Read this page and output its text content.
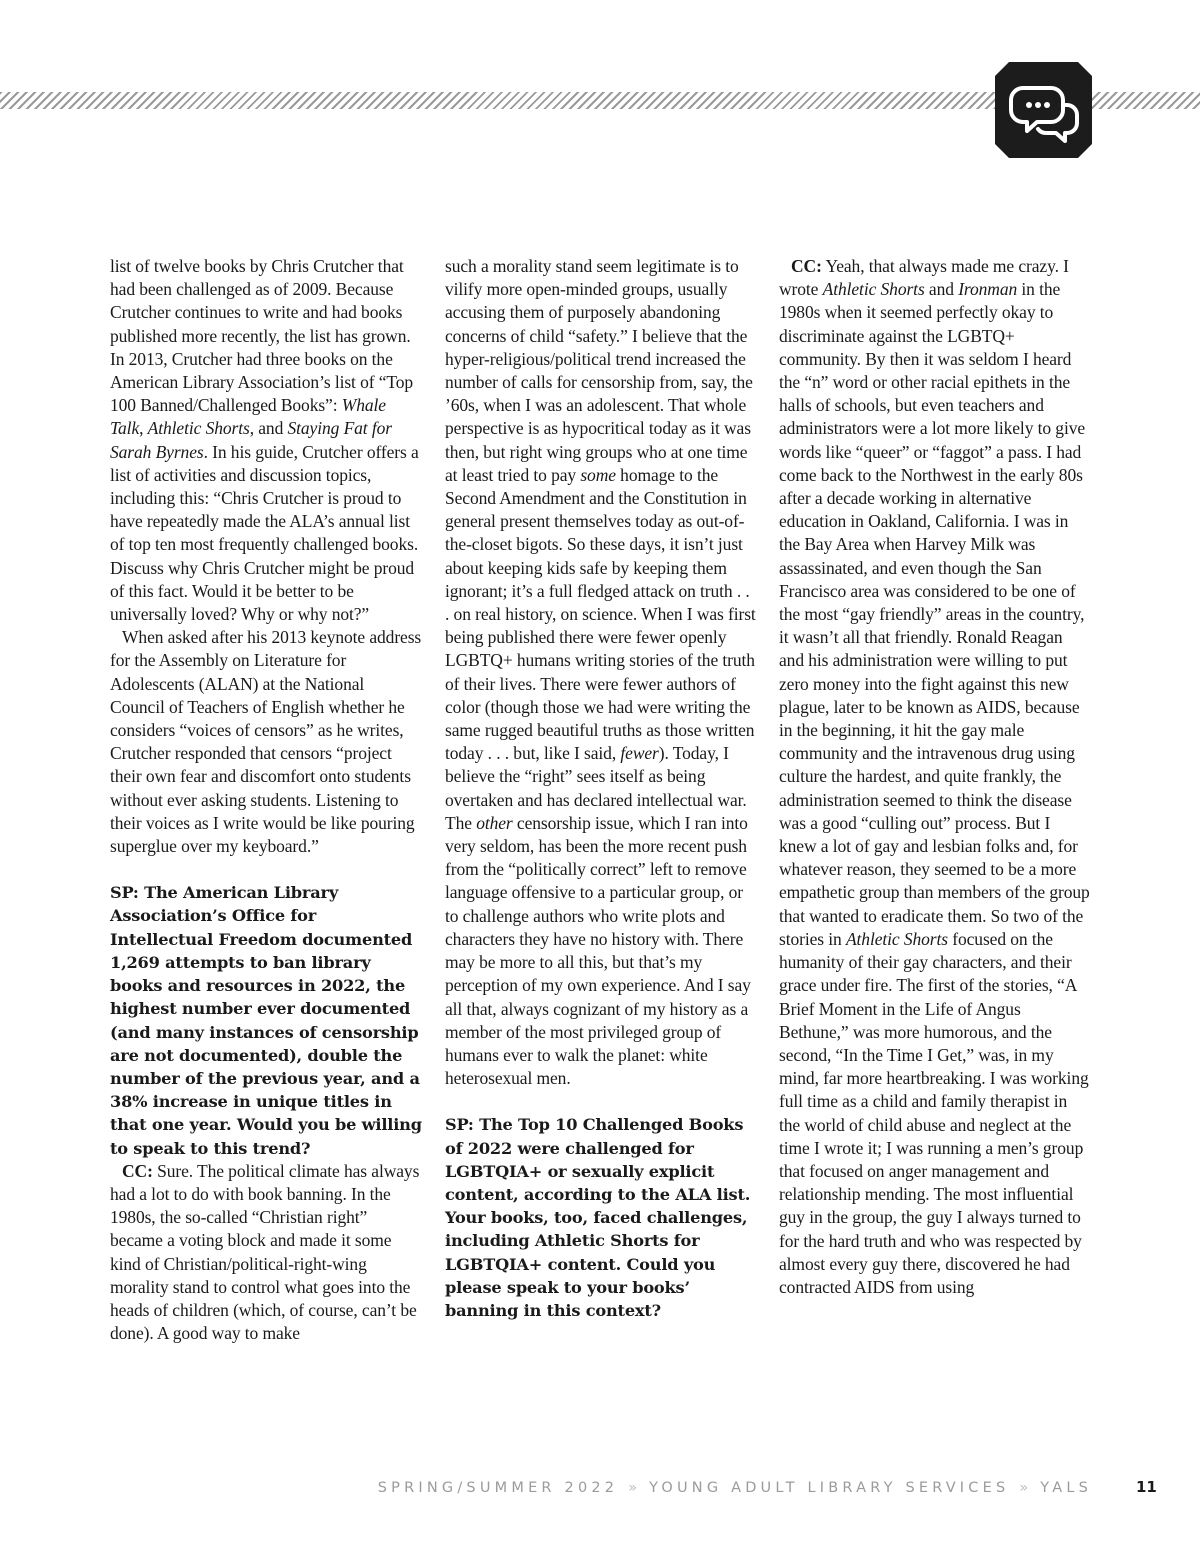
list of twelve books by Chris Crutcher that had been challenged as of 2009. Because Crutcher continues to write and had books published more recently, the list has grown. In 2013, Crutcher had three books on the American Library Association’s list of “Top 100 Banned/Challenged Books”: Whale Talk, Athletic Shorts, and Staying Fat for Sarah Byrnes. In his guide, Crutcher offers a list of activities and discussion topics, including this: “Chris Crutcher is proud to have repeatedly made the ALA’s annual list of top ten most frequently challenged books. Discuss why Chris Crutcher might be proud of this fact. Would it be better to be universally loved? Why or why not?”

When asked after his 2013 keynote address for the Assembly on Literature for Adolescents (ALAN) at the National Council of Teachers of English whether he considers “voices of censors” as he writes, Crutcher responded that censors “project their own fear and discomfort onto students without ever asking students. Listening to their voices as I write would be like pouring superglue over my keyboard.”

SP: The American Library Association’s Office for Intellectual Freedom documented 1,269 attempts to ban library books and resources in 2022, the highest number ever documented (and many instances of censorship are not documented), double the number of the previous year, and a 38% increase in unique titles in that one year. Would you be willing to speak to this trend?

CC: Sure. The political climate has always had a lot to do with book banning. In the 1980s, the so-called “Christian right” became a voting block and made it some kind of Christian/political-right-wing morality stand to control what goes into the heads of children (which, of course, can’t be done). A good way to make

such a morality stand seem legitimate is to vilify more open-minded groups, usually accusing them of purposely abandoning concerns of child “safety.” I believe that the hyper-religious/political trend increased the number of calls for censorship from, say, the ’60s, when I was an adolescent. That whole perspective is as hypocritical today as it was then, but right wing groups who at one time at least tried to pay some homage to the Second Amendment and the Constitution in general present themselves today as out-of-the-closet bigots. So these days, it isn’t just about keeping kids safe by keeping them ignorant; it’s a full fledged attack on truth . . . on real history, on science. When I was first being published there were fewer openly LGBTQ+ humans writing stories of the truth of their lives. There were fewer authors of color (though those we had were writing the same rugged beautiful truths as those written today . . . but, like I said, fewer). Today, I believe the “right” sees itself as being overtaken and has declared intellectual war. The other censorship issue, which I ran into very seldom, has been the more recent push from the “politically correct” left to remove language offensive to a particular group, or to challenge authors who write plots and characters they have no history with. There may be more to all this, but that’s my perception of my own experience. And I say all that, always cognizant of my history as a member of the most privileged group of humans ever to walk the planet: white heterosexual men.

SP: The Top 10 Challenged Books of 2022 were challenged for LGBTQIA+ or sexually explicit content, according to the ALA list. Your books, too, faced challenges, including Athletic Shorts for LGBTQIA+ content. Could you please speak to your books’ banning in this context?

CC: Yeah, that always made me crazy. I wrote Athletic Shorts and Ironman in the 1980s when it seemed perfectly okay to discriminate against the LGBTQ+ community. By then it was seldom I heard the “n” word or other racial epithets in the halls of schools, but even teachers and administrators were a lot more likely to give words like “queer” or “faggot” a pass. I had come back to the Northwest in the early 80s after a decade working in alternative education in Oakland, California. I was in the Bay Area when Harvey Milk was assassinated, and even though the San Francisco area was considered to be one of the most “gay friendly” areas in the country, it wasn’t all that friendly. Ronald Reagan and his administration were willing to put zero money into the fight against this new plague, later to be known as AIDS, because in the beginning, it hit the gay male community and the intravenous drug using culture the hardest, and quite frankly, the administration seemed to think the disease was a good “culling out” process. But I knew a lot of gay and lesbian folks and, for whatever reason, they seemed to be a more empathetic group than members of the group that wanted to eradicate them. So two of the stories in Athletic Shorts focused on the humanity of their gay characters, and their grace under fire. The first of the stories, “A Brief Moment in the Life of Angus Bethune,” was more humorous, and the second, “In the Time I Get,” was, in my mind, far more heartbreaking. I was working full time as a child and family therapist in the world of child abuse and neglect at the time I wrote it; I was running a men’s group that focused on anger management and relationship mending. The most influential guy in the group, the guy I always turned to for the hard truth and who was respected by almost every guy there, discovered he had contracted AIDS from using

SPRING/SUMMER 2022 » YOUNG ADULT LIBRARY SERVICES » YALS	11
